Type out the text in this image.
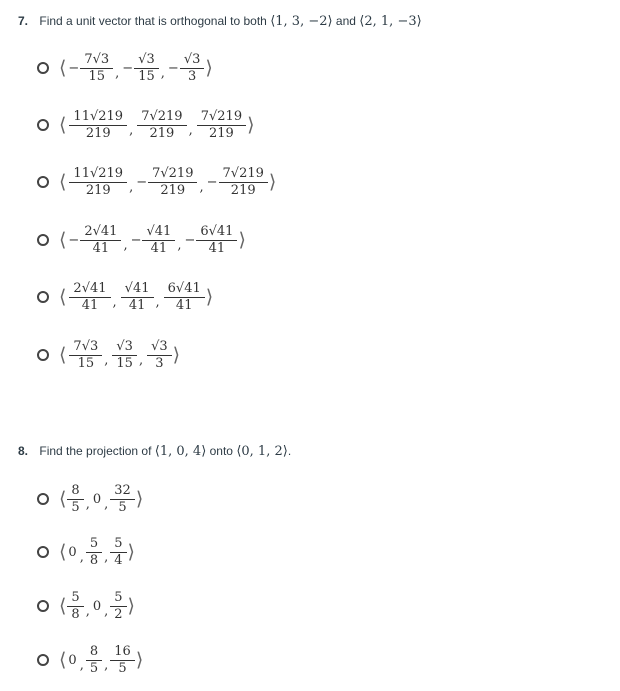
7. Find a unit vector that is orthogonal to both ⟨1, 3, −2⟩ and ⟨2, 1, −3⟩
⟨ − $\frac{7√3}{15}$ , − $\frac{√3}{15}$ , − $\frac{√3}{3}$ ⟩
⟨ $\frac{11√219}{219}$ , $\frac{7√219}{219}$ , $\frac{7√219}{219}$ ⟩
⟨ $\frac{11√219}{219}$ , − $\frac{7√219}{219}$ , − $\frac{7√219}{219}$ ⟩
⟨ − $\frac{2√41}{41}$ , − $\frac{√41}{41}$ , − $\frac{6√41}{41}$ ⟩
⟨ $\frac{2√41}{41}$ , $\frac{√41}{41}$ , $\frac{6√41}{41}$ ⟩
⟨ $\frac{7√3}{15}$ , $\frac{√3}{15}$ , $\frac{√3}{3}$ ⟩
8. Find the projection of ⟨1, 0, 4⟩ onto ⟨0, 1, 2⟩.
⟨ $\frac{8}{5}$ , 0 , $\frac{32}{5}$ ⟩
⟨ 0 , $\frac{5}{8}$ , $\frac{5}{4}$ ⟩
⟨ $\frac{5}{8}$ , 0 , $\frac{5}{2}$ ⟩
⟨ 0 , $\frac{8}{5}$ , $\frac{16}{5}$ ⟩
